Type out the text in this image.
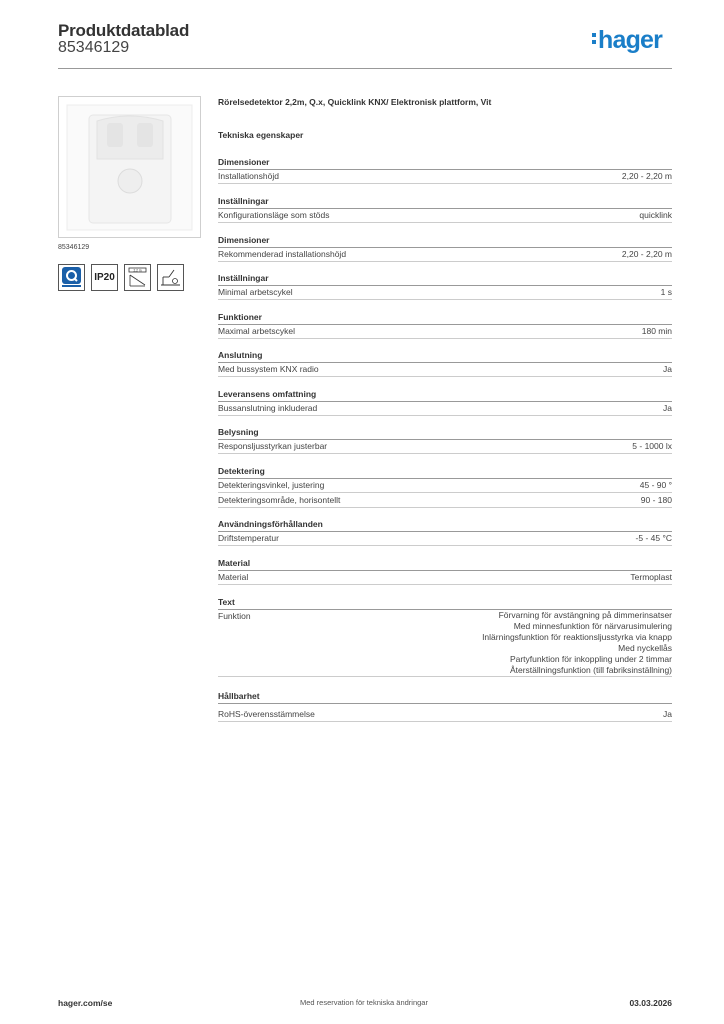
Produktdatablad
85346129	hager
85346129
IP20
2,2 m
Rörelsedetektor 2,2m, Q.x, Quicklink KNX/ Elektronisk plattform, Vit
Tekniska egenskaper
Dimensioner
Installationshöjd	2,20 - 2,20 m
Inställningar
Konfigurationsläge som stöds	quicklink
Dimensioner
Rekommenderad installationshöjd	2,20 - 2,20 m
Inställningar
Minimal arbetscykel	1 s
Funktioner
Maximal arbetscykel	180 min
Anslutning
Med bussystem KNX radio	Ja
Leveransens omfattning
Bussanslutning inkluderad	Ja
Belysning
Responsljusstyrkan justerbar	5 - 1000 lx
Detektering
Detekteringsvinkel, justering	45 - 90 °
Detekteringsområde, horisontellt	90 - 180
Användningsförhållanden
Driftstemperatur	-5 - 45 °C
Material
Material	Termoplast
Text
Funktion	Förvarning för avstängning på dimmerinsatser
Med minnesfunktion för närvarusimulering
Inlärningsfunktion för reaktionsljusstyrka via knapp
Med nyckellås
Partyfunktion för inkoppling under 2 timmar
Återställningsfunktion (till fabriksinställning)
Hållbarhet
RoHS-överensstämmelse	Ja
hager.com/se	Med reservation för tekniska ändringar	03.03.2026
